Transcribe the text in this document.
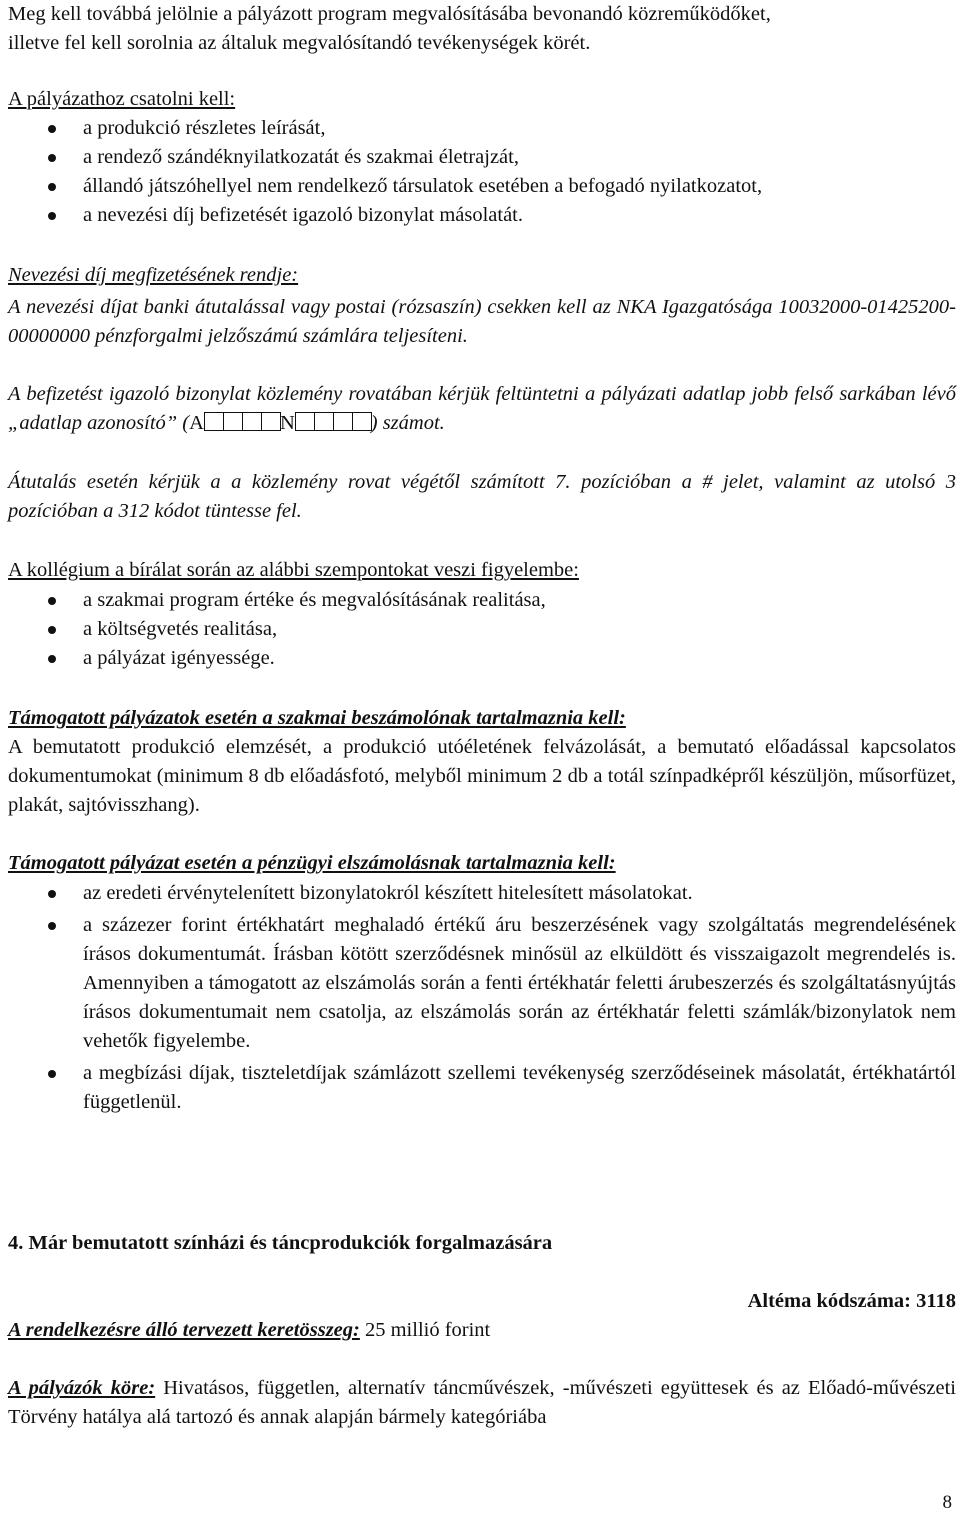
Meg kell továbbá jelölnie a pályázott program megvalósításába bevonandó közreműködőket,

illetve fel kell sorolnia az általuk megvalósítandó tevékenységek körét.

A pályázathoz csatolni kell:

a produkció részletes leírását,
a rendező szándéknyilatkozatát és szakmai életrajzát,
állandó játszóhellyel nem rendelkező társulatok esetében a befogadó nyilatkozatot,
a nevezési díj befizetését igazoló bizonylat másolatát.

Nevezési díj megfizetésének rendje:

A nevezési díjat banki átutalással vagy postai (rózsaszín) csekken kell az NKA Igazgatósága 10032000-01425200-00000000 pénzforgalmi jelzőszámú számlára teljesíteni.

A befizetést igazoló bizonylat közlemény rovatában kérjük feltüntetni a pályázati adatlap jobb felső sarkában lévő „adatlap azonosító” (A	N	) számot.

Átutalás esetén kérjük a a közlemény rovat végétől számított 7. pozícióban a # jelet, valamint az utolsó 3 pozícióban a 312 kódot tüntesse fel.

A kollégium a bírálat során az alábbi szempontokat veszi figyelembe:

a szakmai program értéke és megvalósításának realitása,
a költségvetés realitása,
a pályázat igényessége.

Támogatott pályázatok esetén a szakmai beszámolónak tartalmaznia kell:

A bemutatott produkció elemzését, a produkció utóéletének felvázolását, a bemutató előadással kapcsolatos dokumentumokat (minimum 8 db előadásfotó, melyből minimum 2 db a totál színpadképről készüljön, műsorfüzet, plakát, sajtóvisszhang).

Támogatott pályázat esetén a pénzügyi elszámolásnak tartalmaznia kell:

az eredeti érvénytelenített bizonylatokról készített hitelesített másolatokat.
a százezer forint értékhatárt meghaladó értékű áru beszerzésének vagy szolgáltatás megrendelésének írásos dokumentumát. Írásban kötött szerződésnek minősül az elküldött és visszaigazolt megrendelés is. Amennyiben a támogatott az elszámolás során a fenti értékhatár feletti árubeszerzés és szolgáltatásnyújtás írásos dokumentumait nem csatolja, az elszámolás során az értékhatár feletti számlák/bizonylatok nem vehetők figyelembe.
a megbízási díjak, tiszteletdíjak számlázott szellemi tevékenység szerződéseinek másolatát, értékhatártól függetlenül.

4. Már bemutatott színházi és táncprodukciók forgalmazására

Altéma kódszáma: 3118

A rendelkezésre álló tervezett keretösszeg: 25 millió forint

A pályázók köre: Hivatásos, független, alternatív táncművészek, -művészeti együttesek és az Előadó-művészeti Törvény hatálya alá tartozó és annak alapján bármely kategóriába

8
